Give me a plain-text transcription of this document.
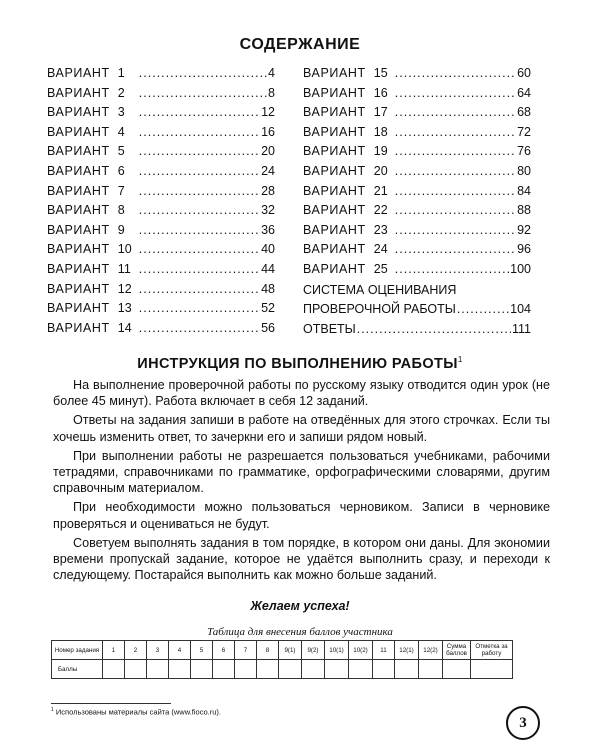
СОДЕРЖАНИЕ
ВАРИАНТ 1 .....	4
ВАРИАНТ 2 .....	8
ВАРИАНТ 3 .....	12
ВАРИАНТ 4 .....	16
ВАРИАНТ 5 .....	20
ВАРИАНТ 6 .....	24
ВАРИАНТ 7 .....	28
ВАРИАНТ 8 .....	32
ВАРИАНТ 9 .....	36
ВАРИАНТ 10 .....	40
ВАРИАНТ 11 .....	44
ВАРИАНТ 12 .....	48
ВАРИАНТ 13 .....	52
ВАРИАНТ 14 .....	56
ВАРИАНТ 15 .....	60
ВАРИАНТ 16 .....	64
ВАРИАНТ 17 .....	68
ВАРИАНТ 18 .....	72
ВАРИАНТ 19 .....	76
ВАРИАНТ 20 .....	80
ВАРИАНТ 21 .....	84
ВАРИАНТ 22 .....	88
ВАРИАНТ 23 .....	92
ВАРИАНТ 24 .....	96
ВАРИАНТ 25 .....	100
СИСТЕМА ОЦЕНИВАНИЯ
ПРОВЕРОЧНОЙ РАБОТЫ .....	104
ОТВЕТЫ .....	111
ИНСТРУКЦИЯ ПО ВЫПОЛНЕНИЮ РАБОТЫ$^1$

На выполнение проверочной работы по русскому языку отводится один урок (не более 45 минут). Работа включает в себя 12 заданий.

Ответы на задания запиши в работе на отведённых для этого строчках. Если ты хочешь изменить ответ, то зачеркни его и запиши рядом новый.

При выполнении работы не разрешается пользоваться учебниками, рабочими тетрадями, справочниками по грамматике, орфографическими словарями, другим справочным материалом.

При необходимости можно пользоваться черновиком. Записи в черновике проверяться и оцениваться не будут.

Советуем выполнять задания в том порядке, в котором они даны. Для экономии времени пропускай задание, которое не удаётся выполнить сразу, и переходи к следующему. Постарайся выполнить как можно больше заданий.

Желаем успеха!
Таблица для внесения баллов участника
Номер задания	1	2	3	4	5	6	7	8	9(1)	9(2)	10(1)	10(2)	11	12(1)	12(2)	Сумма баллов	Отметка за работу
Баллы																	
$^1$ Использованы материалы сайта (www.fioco.ru).
3
